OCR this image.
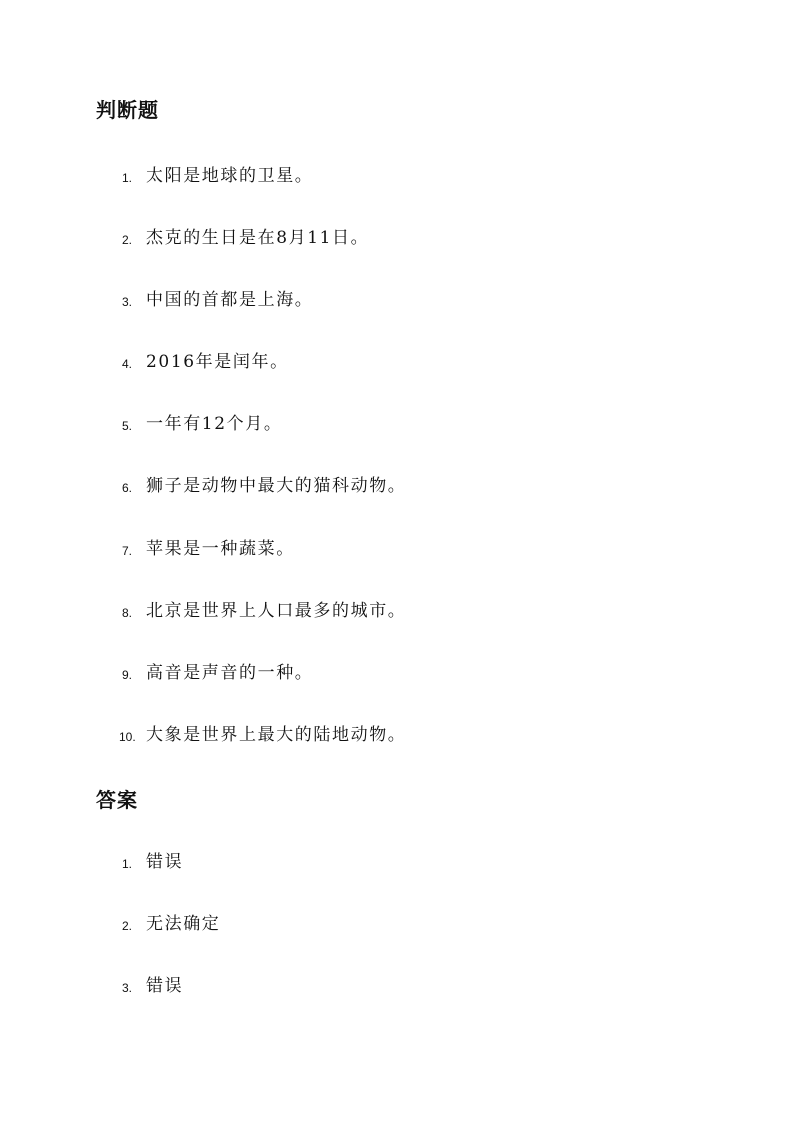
判断题
1. 太阳是地球的卫星。
2. 杰克的生日是在8月11日。
3. 中国的首都是上海。
4. 2016年是闰年。
5. 一年有12个月。
6. 狮子是动物中最大的猫科动物。
7. 苹果是一种蔬菜。
8. 北京是世界上人口最多的城市。
9. 高音是声音的一种。
10. 大象是世界上最大的陆地动物。
答案
1. 错误
2. 无法确定
3. 错误
